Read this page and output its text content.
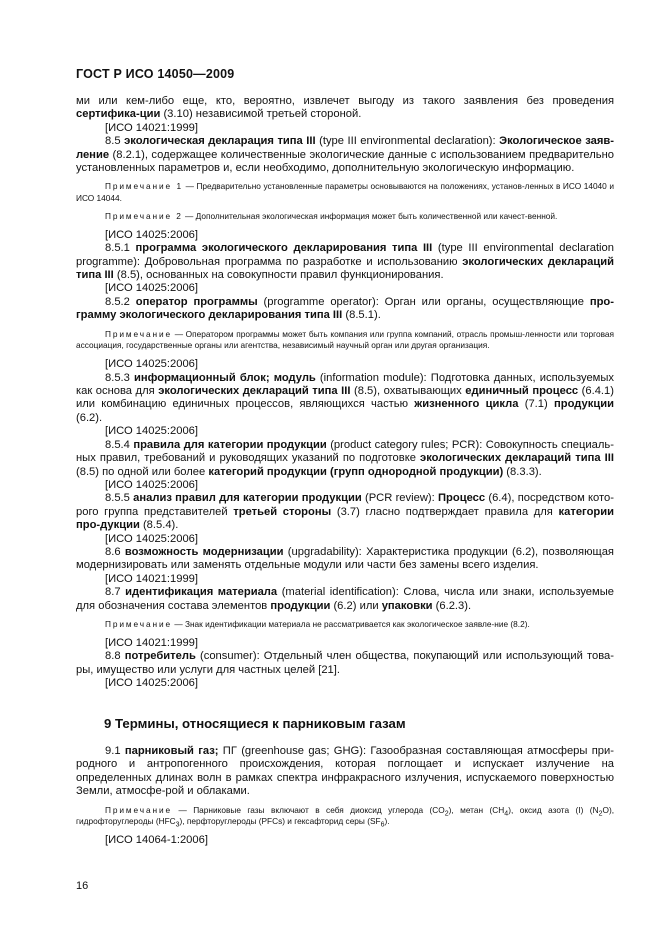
ГОСТ Р ИСО 14050—2009

ми или кем-либо еще, кто, вероятно, извлечет выгоду из такого заявления без проведения сертифика-ции (3.10) независимой третьей стороной.

[ИСО 14021:1999]

8.5 экологическая декларация типа III (type III environmental declaration): Экологическое заяв-ление (8.2.1), содержащее количественные экологические данные с использованием предварительно установленных параметров и, если необходимо, дополнительную экологическую информацию.

Примечание 1 — Предварительно установленные параметры основываются на положениях, установ-ленных в ИСО 14040 и ИСО 14044.

Примечание 2 — Дополнительная экологическая информация может быть количественной или качест-венной.

[ИСО 14025:2006]

8.5.1 программа экологического декларирования типа III (type III environmental declaration programme): Добровольная программа по разработке и использованию экологических деклараций типа III (8.5), основанных на совокупности правил функционирования.

[ИСО 14025:2006]

8.5.2 оператор программы (programme operator): Орган или органы, осуществляющие про-грамму экологического декларирования типа III (8.5.1).

Примечание — Оператором программы может быть компания или группа компаний, отрасль промыш-ленности или торговая ассоциация, государственные органы или агентства, независимый научный орган или другая организация.

[ИСО 14025:2006]

8.5.3 информационный блок; модуль (information module): Подготовка данных, используемых как основа для экологических деклараций типа III (8.5), охватывающих единичный процесс (6.4.1) или комбинацию единичных процессов, являющихся частью жизненного цикла (7.1) продукции (6.2).

[ИСО 14025:2006]

8.5.4 правила для категории продукции (product category rules; PCR): Совокупность специаль-ных правил, требований и руководящих указаний по подготовке экологических деклараций типа III (8.5) по одной или более категорий продукции (групп однородной продукции) (8.3.3).

[ИСО 14025:2006]

8.5.5 анализ правил для категории продукции (PCR review): Процесс (6.4), посредством кото-рого группа представителей третьей стороны (3.7) гласно подтверждает правила для категории про-дукции (8.5.4).

[ИСО 14025:2006]

8.6 возможность модернизации (upgradability): Характеристика продукции (6.2), позволяющая модернизировать или заменять отдельные модули или части без замены всего изделия.

[ИСО 14021:1999]

8.7 идентификация материала (material identification): Слова, числа или знаки, используемые для обозначения состава элементов продукции (6.2) или упаковки (6.2.3).

Примечание — Знак идентификации материала не рассматривается как экологическое заявле-ние (8.2).

[ИСО 14021:1999]

8.8 потребитель (consumer): Отдельный член общества, покупающий или использующий това-ры, имущество или услуги для частных целей [21].

[ИСО 14025:2006]

9 Термины, относящиеся к парниковым газам

9.1 парниковый газ; ПГ (greenhouse gas; GHG): Газообразная составляющая атмосферы при-родного и антропогенного происхождения, которая поглощает и испускает излучение на определенных длинах волн в рамках спектра инфракрасного излучения, испускаемого поверхностью Земли, атмосфе-рой и облаками.

Примечание — Парниковые газы включают в себя диоксид углерода $(CO_2)$, метан $(CH_4)$, оксид азота (I) $(N_2O)$, гидрофторуглероды $(HFC_3)$, перфторуглероды (PFCs) и гексафторид серы $(SF_6)$.

[ИСО 14064-1:2006]

16
